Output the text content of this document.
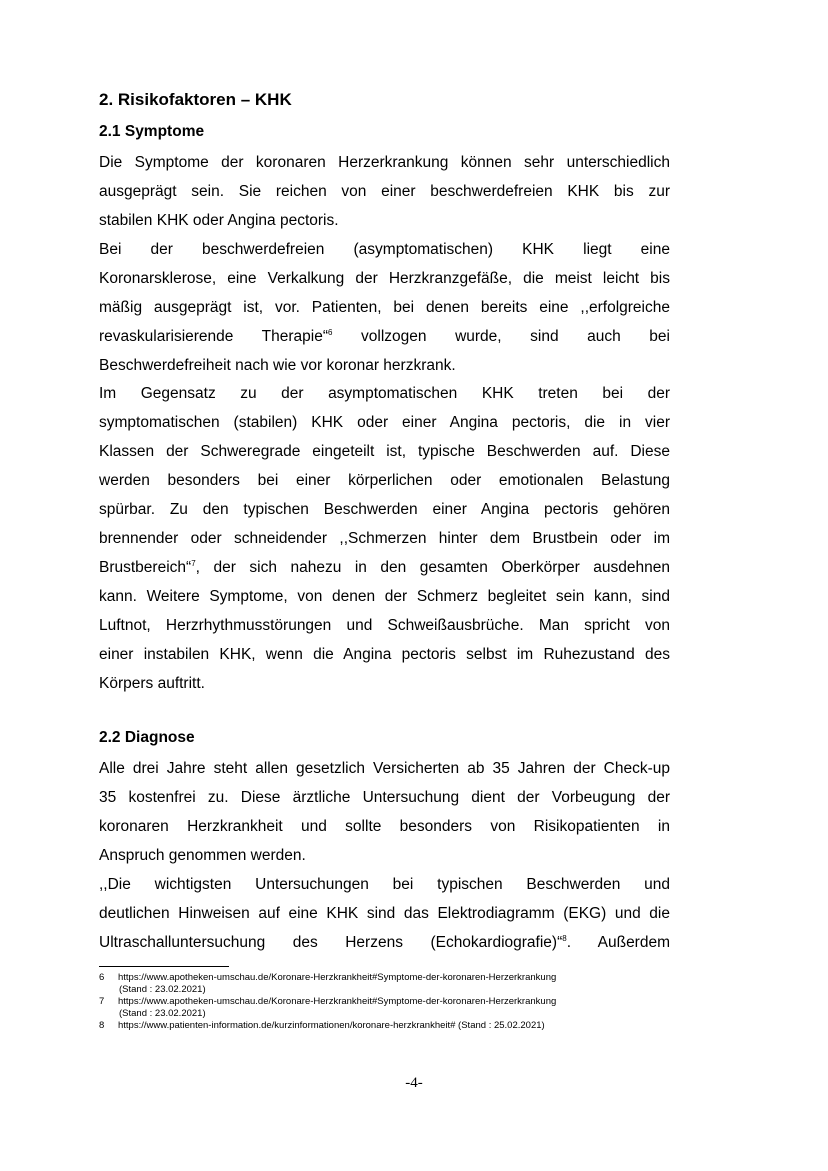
2. Risikofaktoren – KHK
2.1 Symptome
Die Symptome der koronaren Herzerkrankung können sehr unterschiedlich
ausgeprägt sein. Sie reichen von einer beschwerdefreien KHK bis zur
stabilen KHK oder Angina pectoris.
Bei der beschwerdefreien (asymptomatischen) KHK liegt eine
Koronarsklerose, eine Verkalkung der Herzkranzgefäße, die meist leicht bis
mäßig ausgeprägt ist, vor. Patienten, bei denen bereits eine ,,erfolgreiche
revaskularisierende Therapie“$^6$ vollzogen wurde, sind auch bei
Beschwerdefreiheit nach wie vor koronar herzkrank.
Im Gegensatz zu der asymptomatischen KHK treten bei der
symptomatischen (stabilen) KHK oder einer Angina pectoris, die in vier
Klassen der Schweregrade eingeteilt ist, typische Beschwerden auf. Diese
werden besonders bei einer körperlichen oder emotionalen Belastung
spürbar. Zu den typischen Beschwerden einer Angina pectoris gehören
brennender oder schneidender ,,Schmerzen hinter dem Brustbein oder im
Brustbereich“$^7$, der sich nahezu in den gesamten Oberkörper ausdehnen
kann. Weitere Symptome, von denen der Schmerz begleitet sein kann, sind
Luftnot, Herzrhythmusstörungen und Schweißausbrüche. Man spricht von
einer instabilen KHK, wenn die Angina pectoris selbst im Ruhezustand des
Körpers auftritt.
2.2 Diagnose
Alle drei Jahre steht allen gesetzlich Versicherten ab 35 Jahren der Check-up
35 kostenfrei zu. Diese ärztliche Untersuchung dient der Vorbeugung der
koronaren Herzkrankheit und sollte besonders von Risikopatienten in
Anspruch genommen werden.
,,Die wichtigsten Untersuchungen bei typischen Beschwerden und
deutlichen Hinweisen auf eine KHK sind das Elektrodiagramm (EKG) und die
Ultraschalluntersuchung des Herzens (Echokardiografie)“$^8$. Außerdem
6 https://www.apotheken-umschau.de/Koronare-Herzkrankheit#Symptome-der-koronaren-Herzerkrankung
(Stand : 23.02.2021)
7 https://www.apotheken-umschau.de/Koronare-Herzkrankheit#Symptome-der-koronaren-Herzerkrankung
(Stand : 23.02.2021)
8 https://www.patienten-information.de/kurzinformationen/koronare-herzkrankheit# (Stand : 25.02.2021)
-4-
